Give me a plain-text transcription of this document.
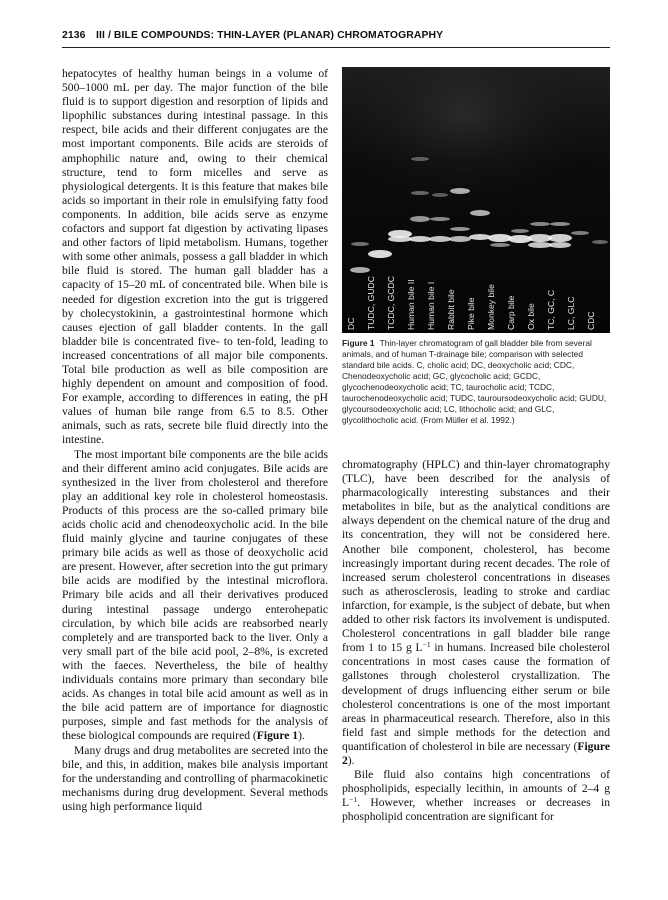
2136 III / BILE COMPOUNDS: THIN-LAYER (PLANAR) CHROMATOGRAPHY

hepatocytes of healthy human beings in a volume of 500–1000 mL per day. The major function of the bile fluid is to support digestion and resorption of lipids and lipophilic substances during intestinal passage. In this respect, bile acids and their different conjugates are the most important components. Bile acids are steroids of amphophilic nature and, owing to their chemical structure, tend to form micelles and serve as physiological detergents. It is this feature that makes bile acids so important in their role in emulsifying fatty food components. In addition, bile acids serve as enzyme cofactors and support fat digestion by activating lipases and other factors of lipid metabolism. Humans, together with some other animals, possess a gall bladder in which bile fluid is stored. The human gall bladder has a capacity of 15–20 mL of concentrated bile. When bile is needed for digestion excretion into the gut is triggered by cholecystokinin, a gastrointestinal hormone which causes ejection of gall bladder contents. In the gall bladder bile is concentrated five- to ten-fold, leading to increased concentrations of all major bile components. Total bile production as well as bile composition are highly dependent on amount and composition of food. For example, according to differences in eating, the pH values of human bile range from 6.5 to 8.5. Other animals, such as rats, secrete bile fluid directly into the intestine.

The most important bile components are the bile acids and their different amino acid conjugates. Bile acids are synthesized in the liver from cholesterol and therefore play an additional key role in cholesterol homeostasis. Products of this process are the so-called primary bile acids cholic acid and chenodeoxycholic acid. In the bile fluid mainly glycine and taurine conjugates of these primary bile acids as well as those of deoxycholic acid are present. However, after secretion into the gut primary bile acids are modified by the intestinal microflora. Primary bile acids and all their derivatives produced during intestinal passage undergo enterohepatic circulation, by which bile acids are reabsorbed nearly completely and are transported back to the liver. Only a very small part of the bile acid pool, 2–8%, is excreted with the faeces. Nevertheless, the bile of healthy individuals contains more primary than secondary bile acids. As changes in total bile acid amount as well as in the bile acid pattern are of importance for diagnostic purposes, simple and fast methods for the analysis of these biological compounds are required (Figure 1).

Many drugs and drug metabolites are secreted into the bile, and this, in addition, makes bile analysis important for the understanding and controlling of pharmacokinetic mechanisms during drug development. Several methods using high performance liquid

DC TUDC, GUDC TCDC, GCDC Human bile II Human bile I Rabbit bile Pike bile Monkey bile Carp bile Ox bile TC, GC, C LC, GLC CDC
Figure 1 Thin-layer chromatogram of gall bladder bile from several animals, and of human T-drainage bile; comparison with selected standard bile acids. C, cholic acid; DC, deoxycholic acid; CDC, Chenodeoxycholic acid; GC, glycocholic acid; GCDC, glycochenodeoxycholic acid; TC, taurocholic acid; TCDC, taurochenodeoxycholic acid; TUDC, tauroursodeoxycholic acid; GUDU, glycoursodeoxycholic acid; LC, lithocholic acid; and GLC, glycolithocholic acid. (From Müller et al. 1992.)

chromatography (HPLC) and thin-layer chromatography (TLC), have been described for the analysis of pharmacologically interesting substances and their metabolites in bile, but as the analytical conditions are always dependent on the chemical nature of the drug and its concentration, they will not be considered here. Another bile component, cholesterol, has become increasingly important during recent decades. The role of increased serum cholesterol concentrations in diseases such as atherosclerosis, leading to stroke and cardiac infarction, for example, is the subject of debate, but when added to other risk factors its involvement is undisputed. Cholesterol concentrations in gall bladder bile range from 1 to 15 g $L^{-1}$ in humans. Increased bile cholesterol concentrations in most cases cause the formation of gallstones through cholesterol crystallization. The development of drugs influencing either serum or bile cholesterol concentrations is one of the most important areas in pharmaceutical research. Therefore, also in this field fast and simple methods for the detection and quantification of cholesterol in bile are necessary (Figure 2).

Bile fluid also contains high concentrations of phospholipids, especially lecithin, in amounts of 2–4 g $L^{-1}$. However, whether increases or decreases in phospholipid concentration are significant for
